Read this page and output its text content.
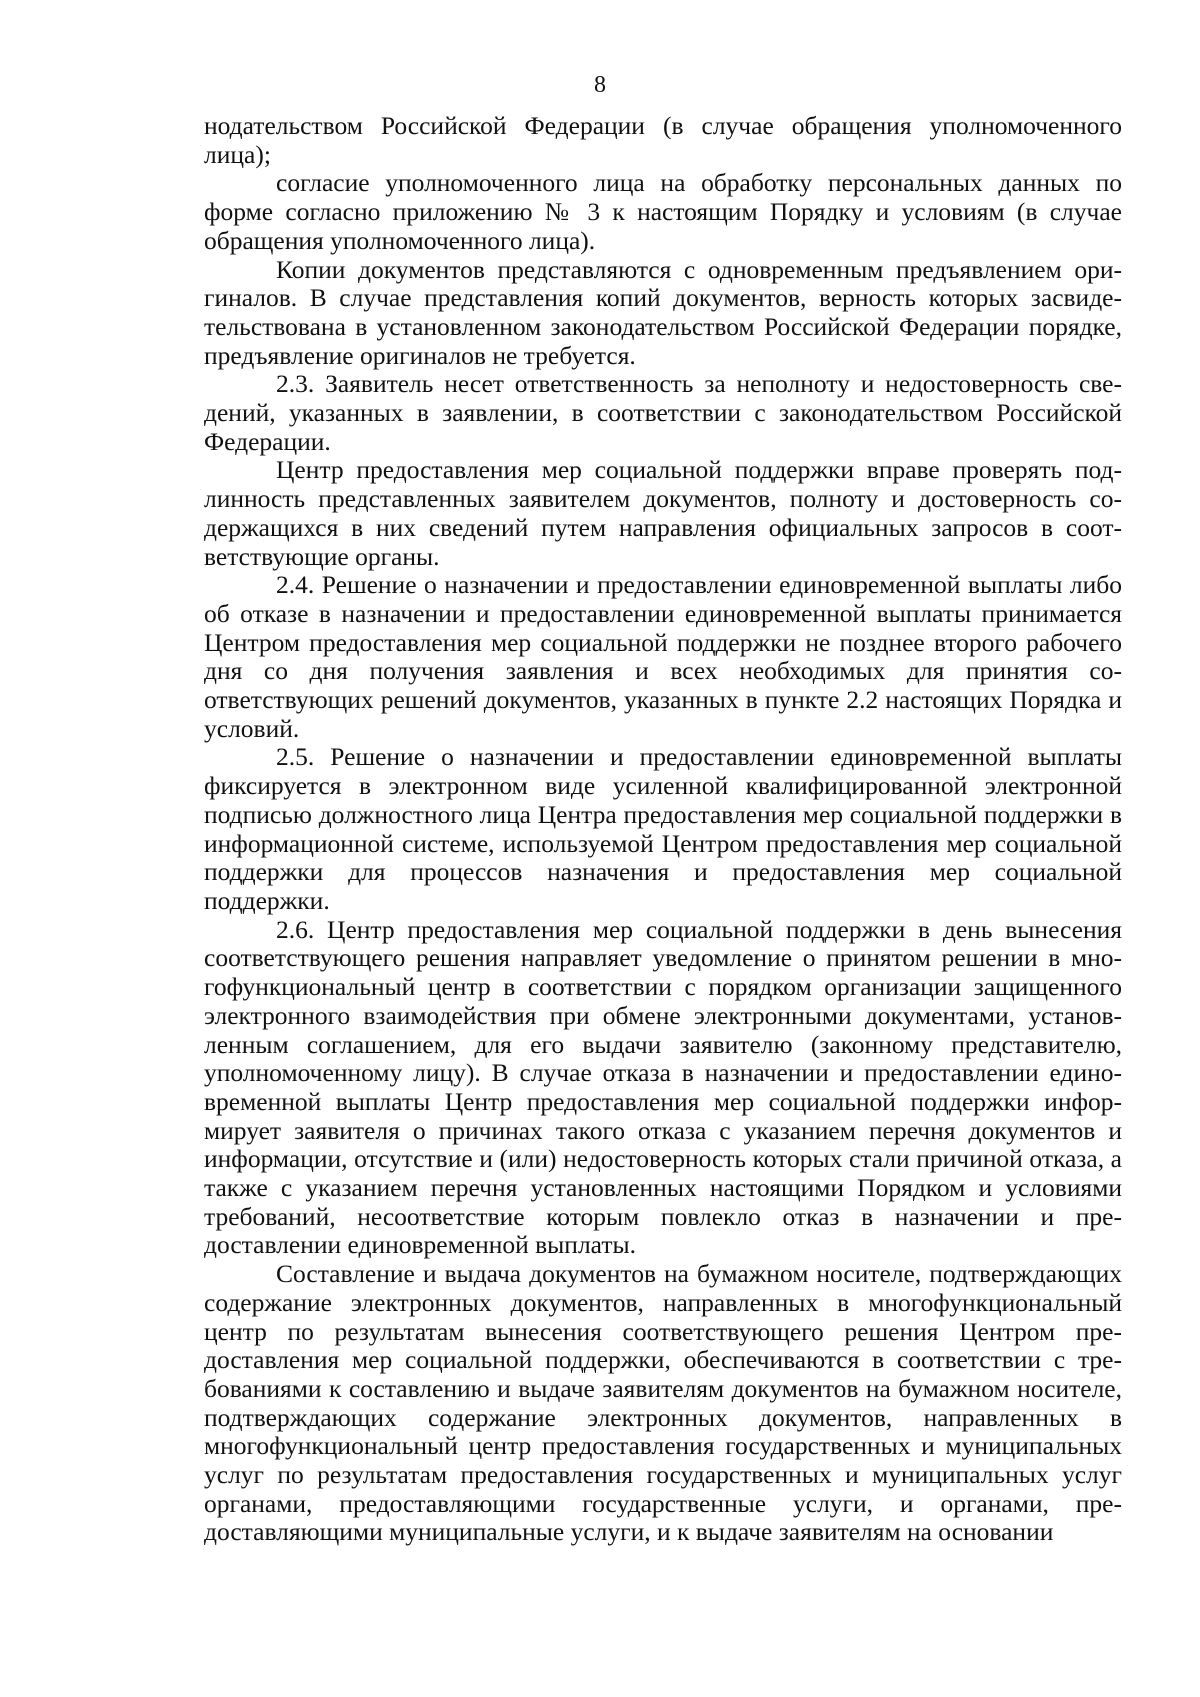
8

нодательством Российской Федерации (в случае обращения уполномоченного лица);

согласие уполномоченного лица на обработку персональных данных по форме согласно приложению № 3 к настоящим Порядку и условиям (в случае обращения уполномоченного лица).

Копии документов представляются с одновременным предъявлением оригиналов. В случае представления копий документов, верность которых засвидетельствована в установленном законодательством Российской Федерации порядке, предъявление оригиналов не требуется.

2.3. Заявитель несет ответственность за неполноту и недостоверность сведений, указанных в заявлении, в соответствии с законодательством Российской Федерации.

Центр предоставления мер социальной поддержки вправе проверять подлинность представленных заявителем документов, полноту и достоверность содержащихся в них сведений путем направления официальных запросов в соответствующие органы.

2.4. Решение о назначении и предоставлении единовременной выплаты либо об отказе в назначении и предоставлении единовременной выплаты принимается Центром предоставления мер социальной поддержки не позднее второго рабочего дня со дня получения заявления и всех необходимых для принятия соответствующих решений документов, указанных в пункте 2.2 настоящих Порядка и условий.

2.5. Решение о назначении и предоставлении единовременной выплаты фиксируется в электронном виде усиленной квалифицированной электронной подписью должностного лица Центра предоставления мер социальной поддержки в информационной системе, используемой Центром предоставления мер социальной поддержки для процессов назначения и предоставления мер социальной поддержки.

2.6. Центр предоставления мер социальной поддержки в день вынесения соответствующего решения направляет уведомление о принятом решении в многофункциональный центр в соответствии с порядком организации защищенного электронного взаимодействия при обмене электронными документами, установленным соглашением, для его выдачи заявителю (законному представителю, уполномоченному лицу). В случае отказа в назначении и предоставлении единовременной выплаты Центр предоставления мер социальной поддержки информирует заявителя о причинах такого отказа с указанием перечня документов и информации, отсутствие и (или) недостоверность которых стали причиной отказа, а также с указанием перечня установленных настоящими Порядком и условиями требований, несоответствие которым повлекло отказ в назначении и предоставлении единовременной выплаты.

Составление и выдача документов на бумажном носителе, подтверждающих содержание электронных документов, направленных в многофункциональный центр по результатам вынесения соответствующего решения Центром предоставления мер социальной поддержки, обеспечиваются в соответствии с требованиями к составлению и выдаче заявителям документов на бумажном носителе, подтверждающих содержание электронных документов, направленных в многофункциональный центр предоставления государственных и муниципальных услуг по результатам предоставления государственных и муниципальных услуг органами, предоставляющими государственные услуги, и органами, предоставляющими муниципальные услуги, и к выдаче заявителям на основании
